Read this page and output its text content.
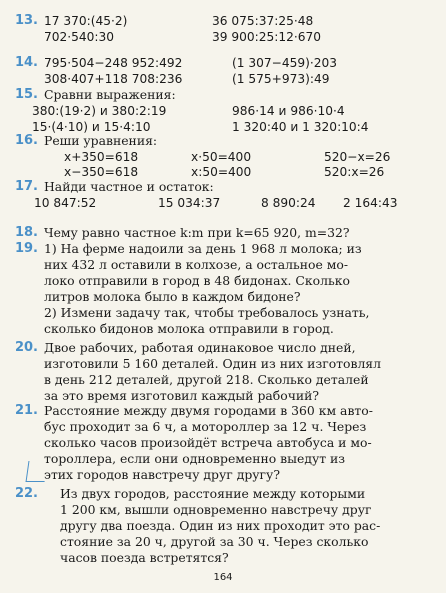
13. 17 370:(45·2)	36 075:37:25·48
702·540:30	39 900:25:12·670
14. 795·504−248 952:492	(1 307−459)·203
308·407+118 708:236	(1 575+973):49
15. Сравни выражения:
380:(19·2) и 380:2:19	986·14 и 986·10·4
15·(4·10) и 15·4:10	1 320:40 и 1 320:10:4
16. Реши уравнения:
x+350=618	x·50=400	520−x=26
x−350=618	x:50=400	520:x=26
17. Найди частное и остаток:
10 847:52	15 034:37	8 890:24 2 164:43
18. Чему равно частное k:m при k=65 920, m=32?
19. 1) На ферме надоили за день 1 968 л молока; из
них 432 л оставили в колхозе, а остальное мо-
локо отправили в город в 48 бидонах. Сколько
литров молока было в каждом бидоне?
2) Измени задачу так, чтобы требовалось узнать,
сколько бидонов молока отправили в город.
20. Двое рабочих, работая одинаковое число дней,
изготовили 5 160 деталей. Один из них изготовлял
в день 212 деталей, другой 218. Сколько деталей
за это время изготовил каждый рабочий?
21. Расстояние между двумя городами в 360 км авто-
бус проходит за 6 ч, а мотороллер за 12 ч. Через
сколько часов произойдёт встреча автобуса и мо-
тороллера, если они одновременно выедут из
этих городов навстречу друг другу?
22. Из двух городов, расстояние между которыми
1 200 км, вышли одновременно навстречу друг
другу два поезда. Один из них проходит это рас-
стояние за 20 ч, другой за 30 ч. Через сколько
часов поезда встретятся?
164
